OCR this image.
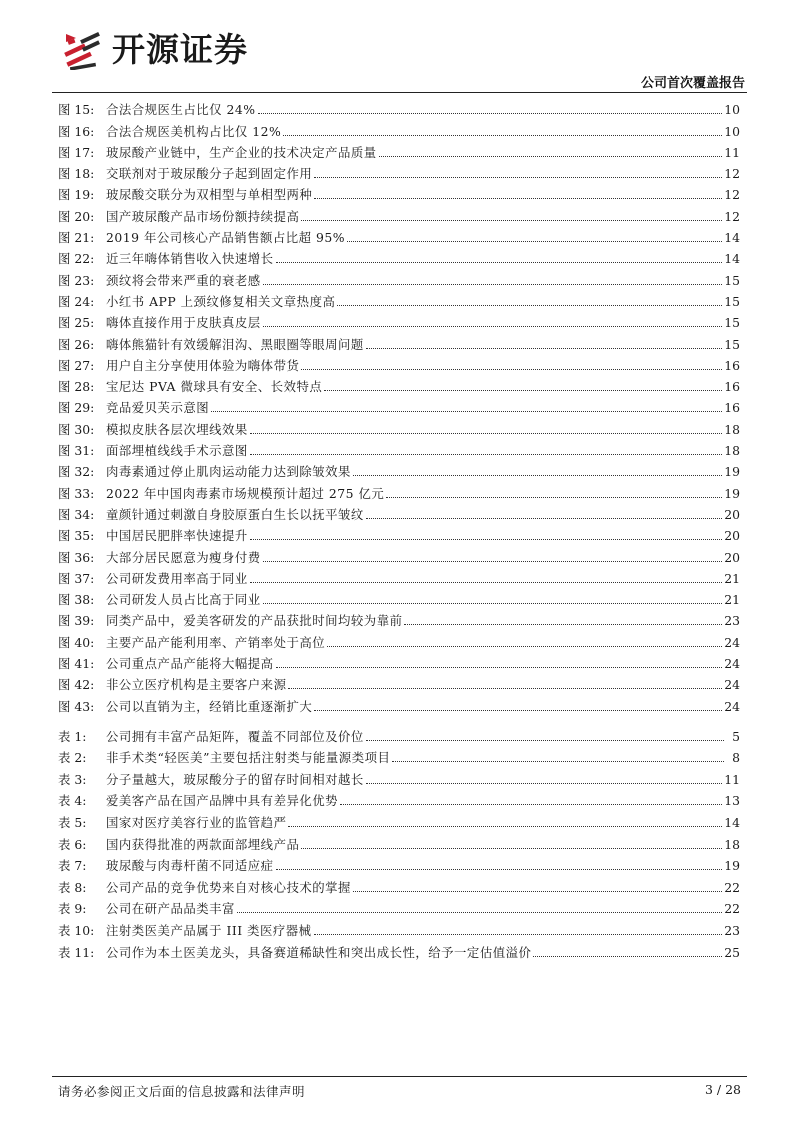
开源证券
公司首次覆盖报告
图 15: 合法合规医生占比仅 24%	10
图 16: 合法合规医美机构占比仅 12%	10
图 17: 玻尿酸产业链中，生产企业的技术决定产品质量	11
图 18: 交联剂对于玻尿酸分子起到固定作用	12
图 19: 玻尿酸交联分为双相型与单相型两种	12
图 20: 国产玻尿酸产品市场份额持续提高	12
图 21: 2019 年公司核心产品销售额占比超 95%	14
图 22: 近三年嗨体销售收入快速增长	14
图 23: 颈纹将会带来严重的衰老感	15
图 24: 小红书 APP 上颈纹修复相关文章热度高	15
图 25: 嗨体直接作用于皮肤真皮层	15
图 26: 嗨体熊猫针有效缓解泪沟、黑眼圈等眼周问题	15
图 27: 用户自主分享使用体验为嗨体带货	16
图 28: 宝尼达 PVA 微球具有安全、长效特点	16
图 29: 竞品爱贝芙示意图	16
图 30: 模拟皮肤各层次埋线效果	18
图 31: 面部埋植线线手术示意图	18
图 32: 肉毒素通过停止肌肉运动能力达到除皱效果	19
图 33: 2022 年中国肉毒素市场规模预计超过 275 亿元	19
图 34: 童颜针通过刺激自身胶原蛋白生长以抚平皱纹	20
图 35: 中国居民肥胖率快速提升	20
图 36: 大部分居民愿意为瘦身付费	20
图 37: 公司研发费用率高于同业	21
图 38: 公司研发人员占比高于同业	21
图 39: 同类产品中，爱美客研发的产品获批时间均较为靠前	23
图 40: 主要产品产能利用率、产销率处于高位	24
图 41: 公司重点产品产能将大幅提高	24
图 42: 非公立医疗机构是主要客户来源	24
图 43: 公司以直销为主，经销比重逐渐扩大	24
表 1:	公司拥有丰富产品矩阵，覆盖不同部位及价位	5
表 2:	非手术类“轻医美”主要包括注射类与能量源类项目	8
表 3:	分子量越大，玻尿酸分子的留存时间相对越长	11
表 4:	爱美客产品在国产品牌中具有差异化优势	13
表 5:	国家对医疗美容行业的监管趋严	14
表 6:	国内获得批准的两款面部埋线产品	18
表 7:	玻尿酸与肉毒杆菌不同适应症	19
表 8:	公司产品的竞争优势来自对核心技术的掌握	22
表 9:	公司在研产品品类丰富	22
表 10: 注射类医美产品属于 III 类医疗器械	23
表 11: 公司作为本土医美龙头，具备赛道稀缺性和突出成长性，给予一定估值溢价	25
请务必参阅正文后面的信息披露和法律声明	3 / 28
